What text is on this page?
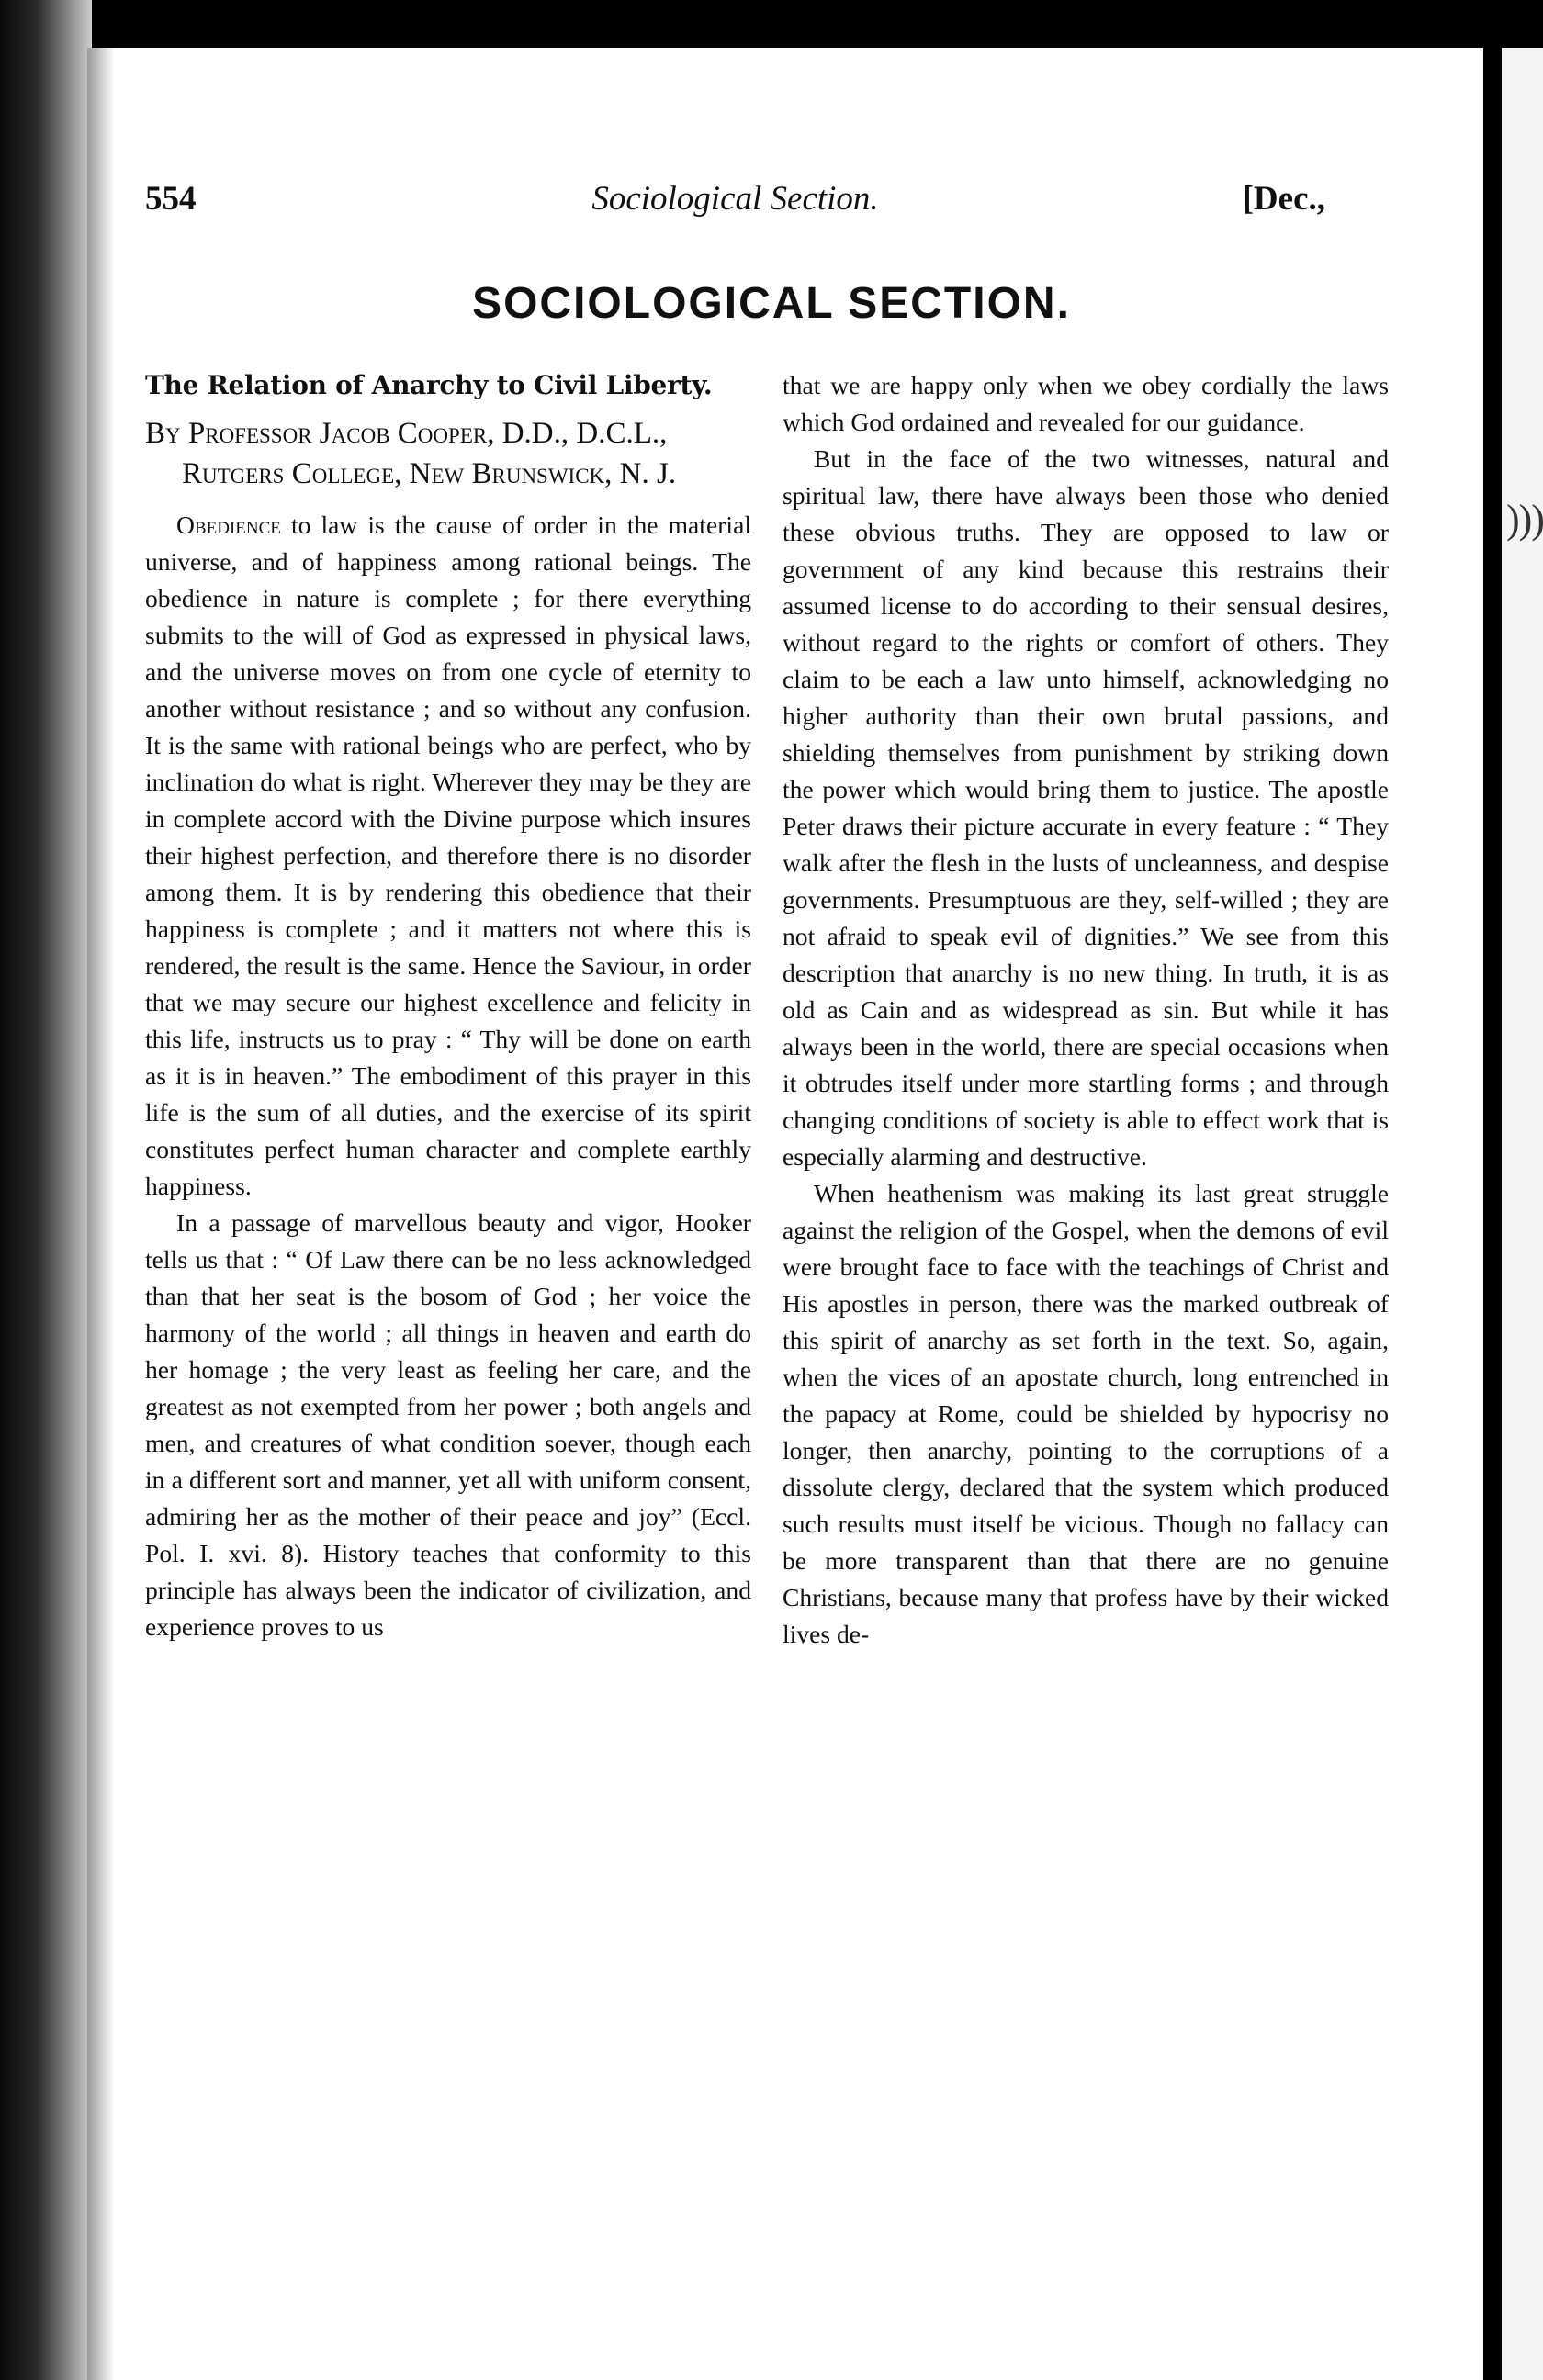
) ) )
554	Sociological Section.	[Dec.,
SOCIOLOGICAL SECTION.
The Relation of Anarchy to Civil Liberty.
By Professor Jacob Cooper, D.D., D.C.L., Rutgers College, New Brunswick, N. J.

Obedience to law is the cause of order in the material universe, and of happiness among rational beings. The obedience in nature is complete ; for there everything submits to the will of God as expressed in physical laws, and the universe moves on from one cycle of eternity to another without resistance ; and so without any confusion. It is the same with rational beings who are perfect, who by inclination do what is right. Wherever they may be they are in complete accord with the Divine purpose which insures their highest perfection, and therefore there is no disorder among them. It is by rendering this obedience that their happiness is complete ; and it matters not where this is rendered, the result is the same. Hence the Saviour, in order that we may secure our highest excellence and felicity in this life, instructs us to pray : “ Thy will be done on earth as it is in heaven.” The embodiment of this prayer in this life is the sum of all duties, and the exercise of its spirit constitutes perfect human character and complete earthly happiness.

In a passage of marvellous beauty and vigor, Hooker tells us that : “ Of Law there can be no less acknowledged than that her seat is the bosom of God ; her voice the harmony of the world ; all things in heaven and earth do her homage ; the very least as feeling her care, and the greatest as not exempted from her power ; both angels and men, and creatures of what condition soever, though each in a different sort and manner, yet all with uniform consent, admiring her as the mother of their peace and joy” (Eccl. Pol. I. xvi. 8). History teaches that conformity to this principle has always been the indicator of civilization, and experience proves to us

that we are happy only when we obey cordially the laws which God ordained and revealed for our guidance.

But in the face of the two witnesses, natural and spiritual law, there have always been those who denied these obvious truths. They are opposed to law or government of any kind because this restrains their assumed license to do according to their sensual desires, without regard to the rights or comfort of others. They claim to be each a law unto himself, acknowledging no higher authority than their own brutal passions, and shielding themselves from punishment by striking down the power which would bring them to justice. The apostle Peter draws their picture accurate in every feature : “ They walk after the flesh in the lusts of uncleanness, and despise governments. Presumptuous are they, self-willed ; they are not afraid to speak evil of dignities.” We see from this description that anarchy is no new thing. In truth, it is as old as Cain and as widespread as sin. But while it has always been in the world, there are special occasions when it obtrudes itself under more startling forms ; and through changing conditions of society is able to effect work that is especially alarming and destructive.

When heathenism was making its last great struggle against the religion of the Gospel, when the demons of evil were brought face to face with the teachings of Christ and His apostles in person, there was the marked outbreak of this spirit of anarchy as set forth in the text. So, again, when the vices of an apostate church, long entrenched in the papacy at Rome, could be shielded by hypocrisy no longer, then anarchy, pointing to the corruptions of a dissolute clergy, declared that the system which produced such results must itself be vicious. Though no fallacy can be more transparent than that there are no genuine Christians, because many that profess have by their wicked lives de-
